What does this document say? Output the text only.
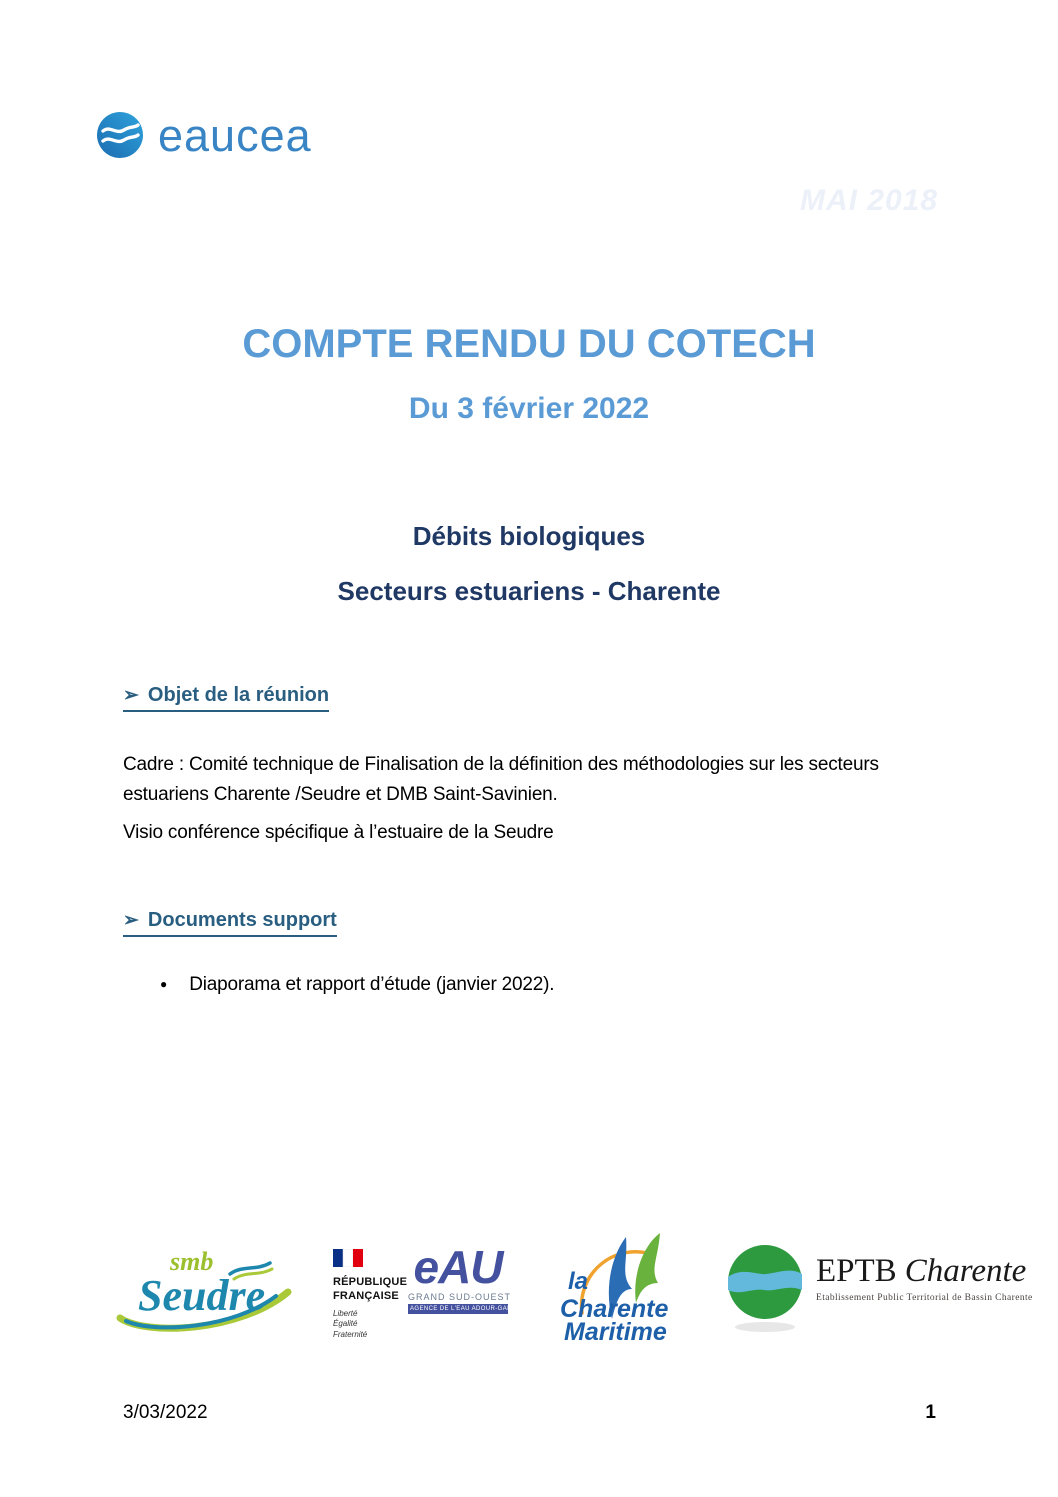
eaucea
MAI 2018
COMPTE RENDU DU COTECH
Du 3 février 2022
Débits biologiques
Secteurs estuariens - Charente
➢ Objet de la réunion
Cadre : Comité technique de Finalisation de la définition des méthodologies sur les secteurs estuariens Charente /Seudre et DMB Saint-Savinien.
Visio conférence spécifique à l’estuaire de la Seudre
➢ Documents support
● Diaporama et rapport d’étude (janvier 2022).
smb
Seudre	RÉPUBLIQUE
FRANÇAISE
Liberté
Égalité
Fraternité
eAU
GRAND SUD-OUEST
AGENCE DE L'EAU ADOUR-GARONNE
la
Charente
Maritime
EPTB Charente
Etablissement Public Territorial de Bassin Charente
3/03/2022	1
